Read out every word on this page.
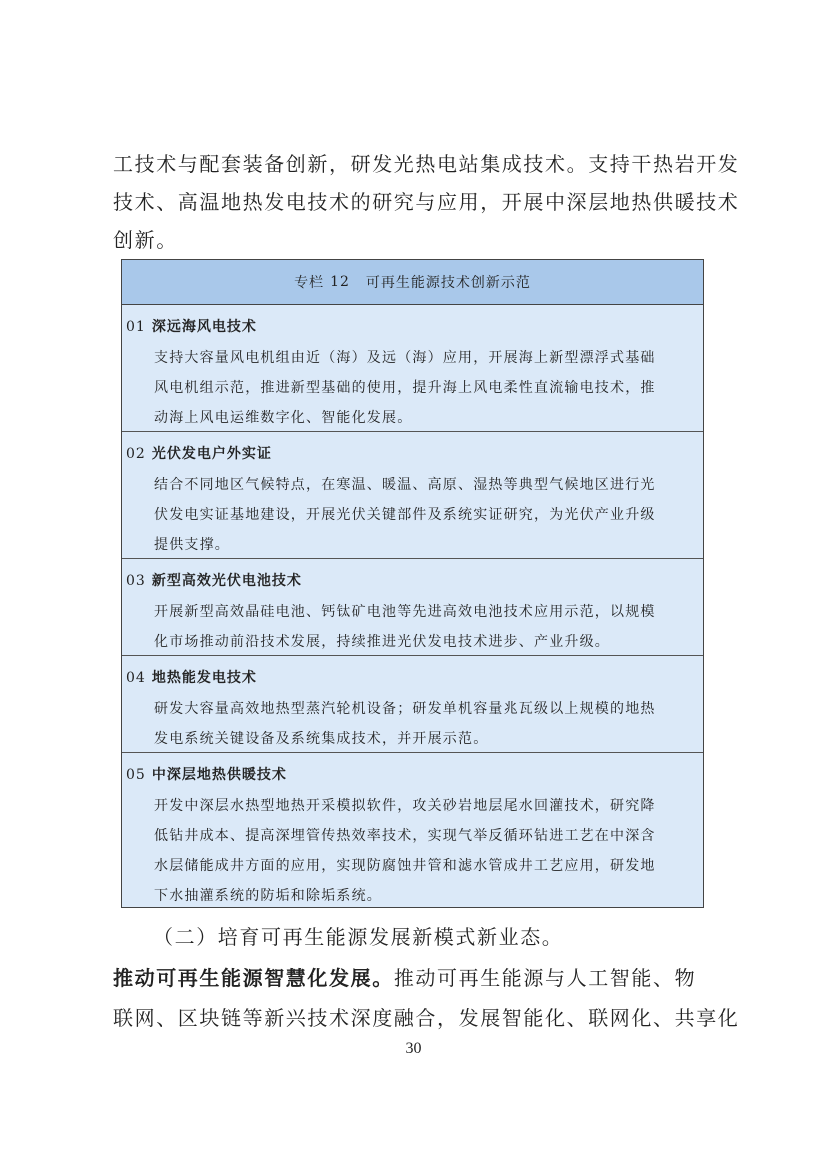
工技术与配套装备创新，研发光热电站集成技术。支持干热岩开发
技术、高温地热发电技术的研究与应用，开展中深层地热供暖技术
创新。
专栏 12 可再生能源技术创新示范
01 深远海风电技术
支持大容量风电机组由近（海）及远（海）应用，开展海上新型漂浮式基础
风电机组示范，推进新型基础的使用，提升海上风电柔性直流输电技术，推
动海上风电运维数字化、智能化发展。
02 光伏发电户外实证
结合不同地区气候特点，在寒温、暖温、高原、湿热等典型气候地区进行光
伏发电实证基地建设，开展光伏关键部件及系统实证研究，为光伏产业升级
提供支撑。
03 新型高效光伏电池技术
开展新型高效晶硅电池、钙钛矿电池等先进高效电池技术应用示范，以规模
化市场推动前沿技术发展，持续推进光伏发电技术进步、产业升级。
04 地热能发电技术
研发大容量高效地热型蒸汽轮机设备；研发单机容量兆瓦级以上规模的地热
发电系统关键设备及系统集成技术，并开展示范。
05 中深层地热供暖技术
开发中深层水热型地热开采模拟软件，攻关砂岩地层尾水回灌技术，研究降
低钻井成本、提高深埋管传热效率技术，实现气举反循环钻进工艺在中深含
水层储能成井方面的应用，实现防腐蚀井管和滤水管成井工艺应用，研发地
下水抽灌系统的防垢和除垢系统。
（二）培育可再生能源发展新模式新业态。
推动可再生能源智慧化发展。推动可再生能源与人工智能、物
联网、区块链等新兴技术深度融合，发展智能化、联网化、共享化
30
